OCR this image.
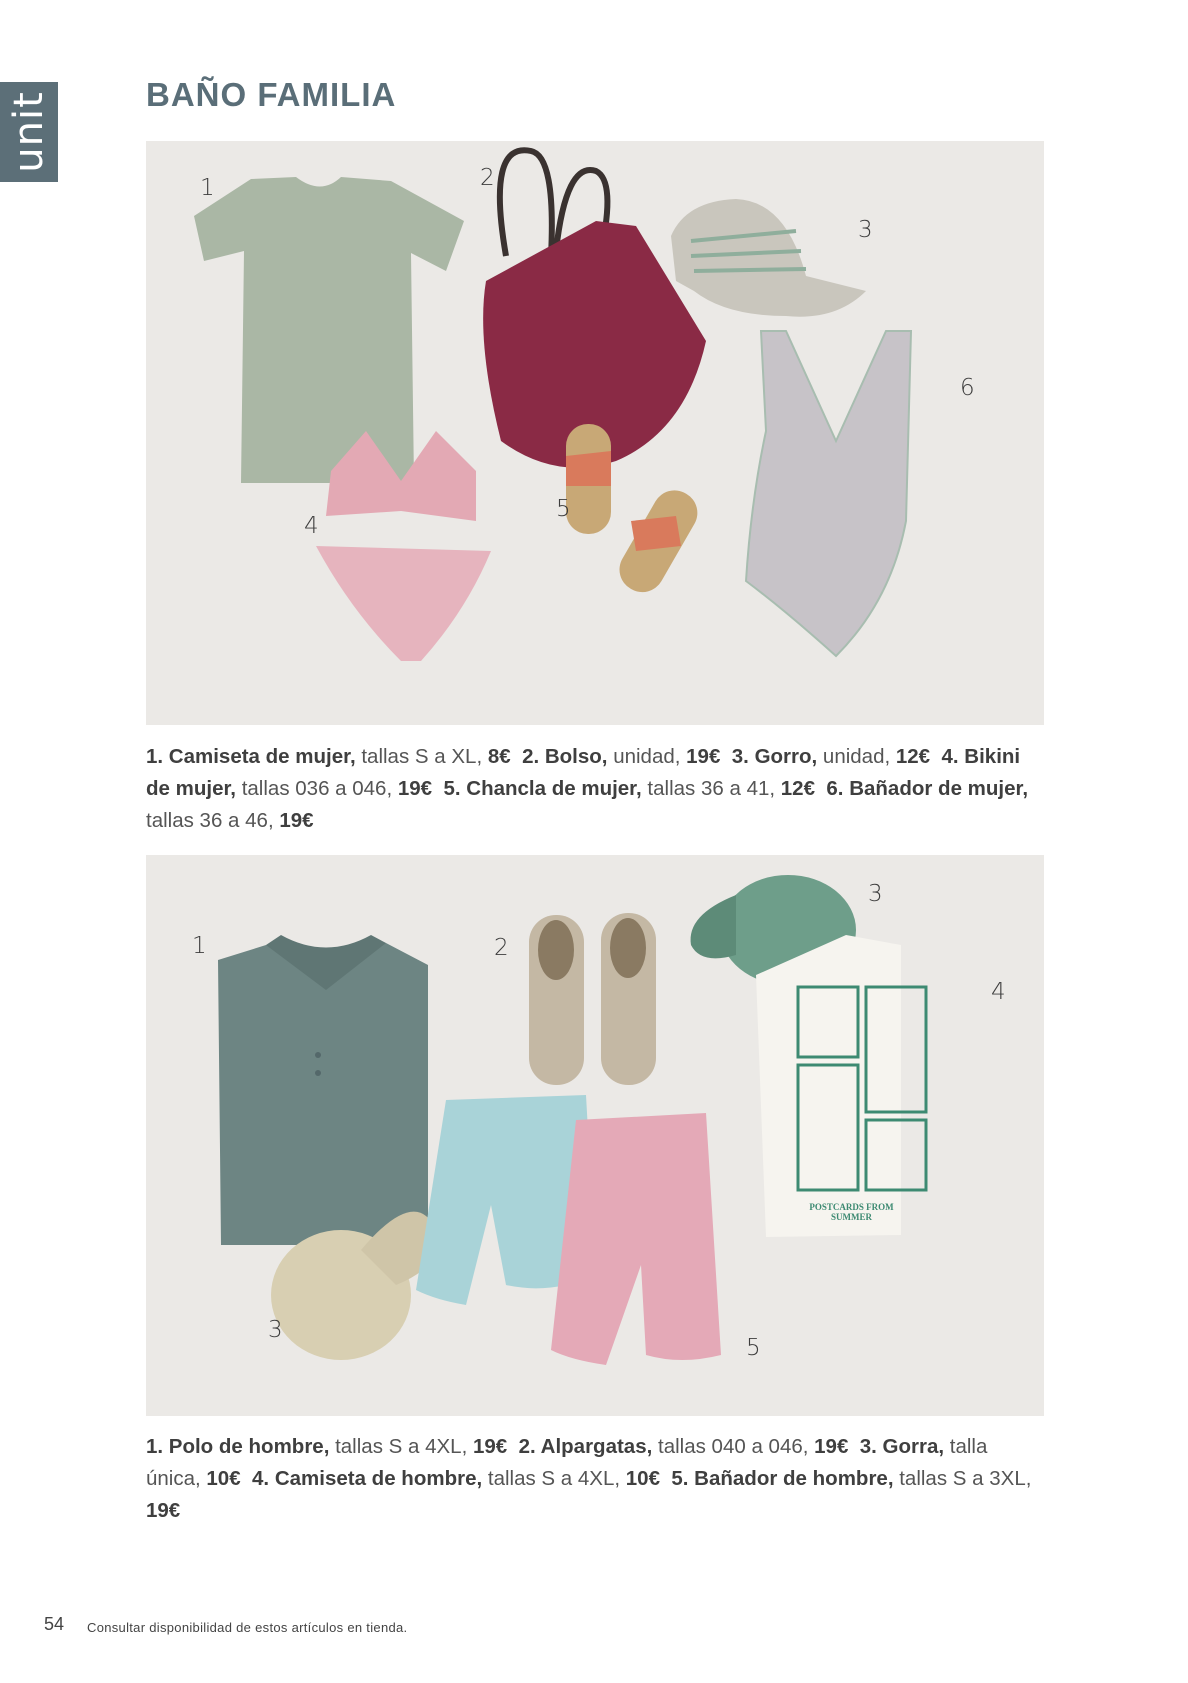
unit	BAÑO FAMILIA
1	2
3
4
5
6

1. Camiseta de mujer, tallas S a XL, 8€ 2. Bolso, unidad, 19€ 3. Gorro, unidad, 12€ 4. Bikini de mujer, tallas 036 a 046, 19€ 5. Chancla de mujer, tallas 36 a 41, 12€ 6. Bañador de mujer, tallas 36 a 46, 19€

1	2
3
4
3
5
POSTCARDS FROM SUMMER

1. Polo de hombre, tallas S a 4XL, 19€ 2. Alpargatas, tallas 040 a 046, 19€ 3. Gorra, talla única, 10€ 4. Camiseta de hombre, tallas S a 4XL, 10€ 5. Bañador de hombre, tallas S a 3XL, 19€

54 Consultar disponibilidad de estos artículos en tienda.
